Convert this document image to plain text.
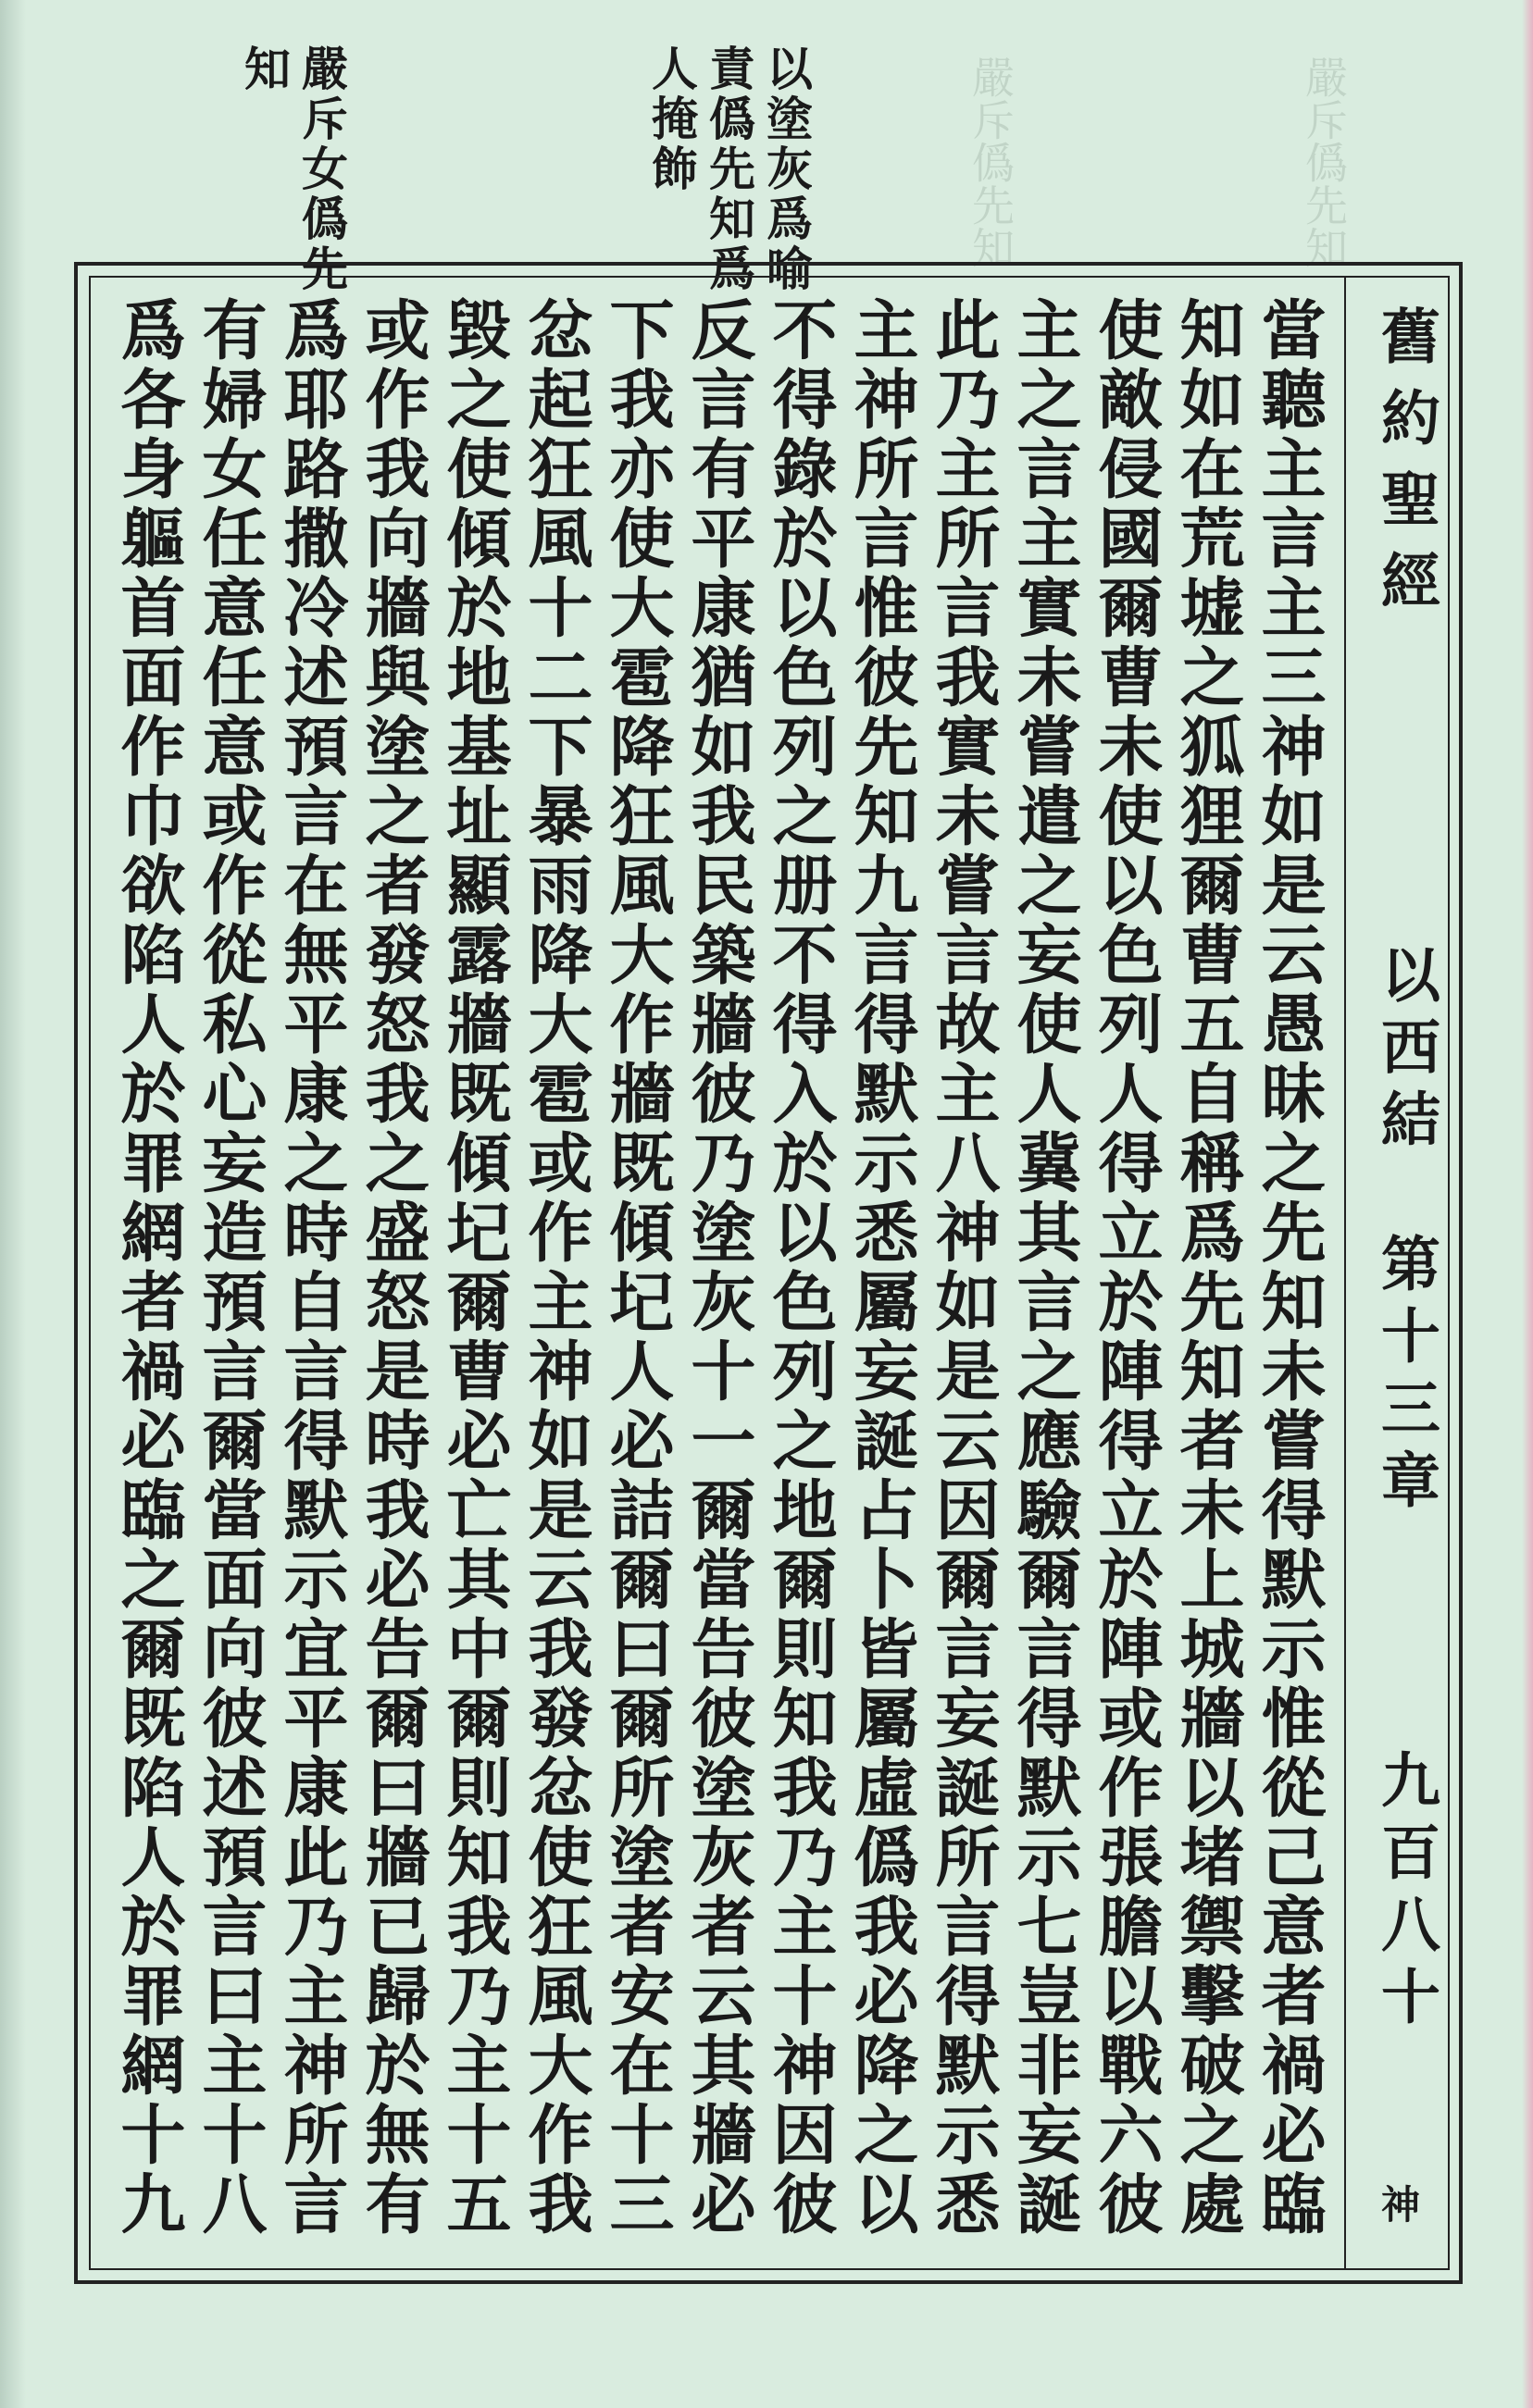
嚴斥僞先知	嚴斥僞先知
以塗灰爲喻
責僞先知爲
人掩飾
嚴斥女僞先
知
舊約聖經
以西結　第十三章
九百八十
神
當聽主言主三神如是云愚昧之先知未嘗得默示惟從己意者禍必臨
知如在荒墟之狐狸爾曹五自稱爲先知者未上城牆以堵禦擊破之處
使敵侵國爾曹未使以色列人得立於陣得立於陣或作張膽以戰六彼
主之言主實未嘗遣之妄使人冀其言之應驗爾言得默示七豈非妄誕
此乃主所言我實未嘗言故主八神如是云因爾言妄誕所言得默示悉
主神所言惟彼先知九言得默示悉屬妄誕占卜皆屬虛僞我必降之以
不得錄於以色列之册不得入於以色列之地爾則知我乃主十神因彼
反言有平康猶如我民築牆彼乃塗灰十一爾當告彼塗灰者云其牆必
下我亦使大雹降狂風大作牆既傾圮人必詰爾曰爾所塗者安在十三
忿起狂風十二下暴雨降大雹或作主神如是云我發忿使狂風大作我
毀之使傾於地基址顯露牆既傾圮爾曹必亡其中爾則知我乃主十五
或作我向牆與塗之者發怒我之盛怒是時我必告爾曰牆已歸於無有
爲耶路撒冷述預言在無平康之時自言得默示宜平康此乃主神所言
有婦女任意任意或作從私心妄造預言爾當面向彼述預言曰主十八
爲各身軀首面作巾欲陷人於罪網者禍必臨之爾既陷人於罪網十九
